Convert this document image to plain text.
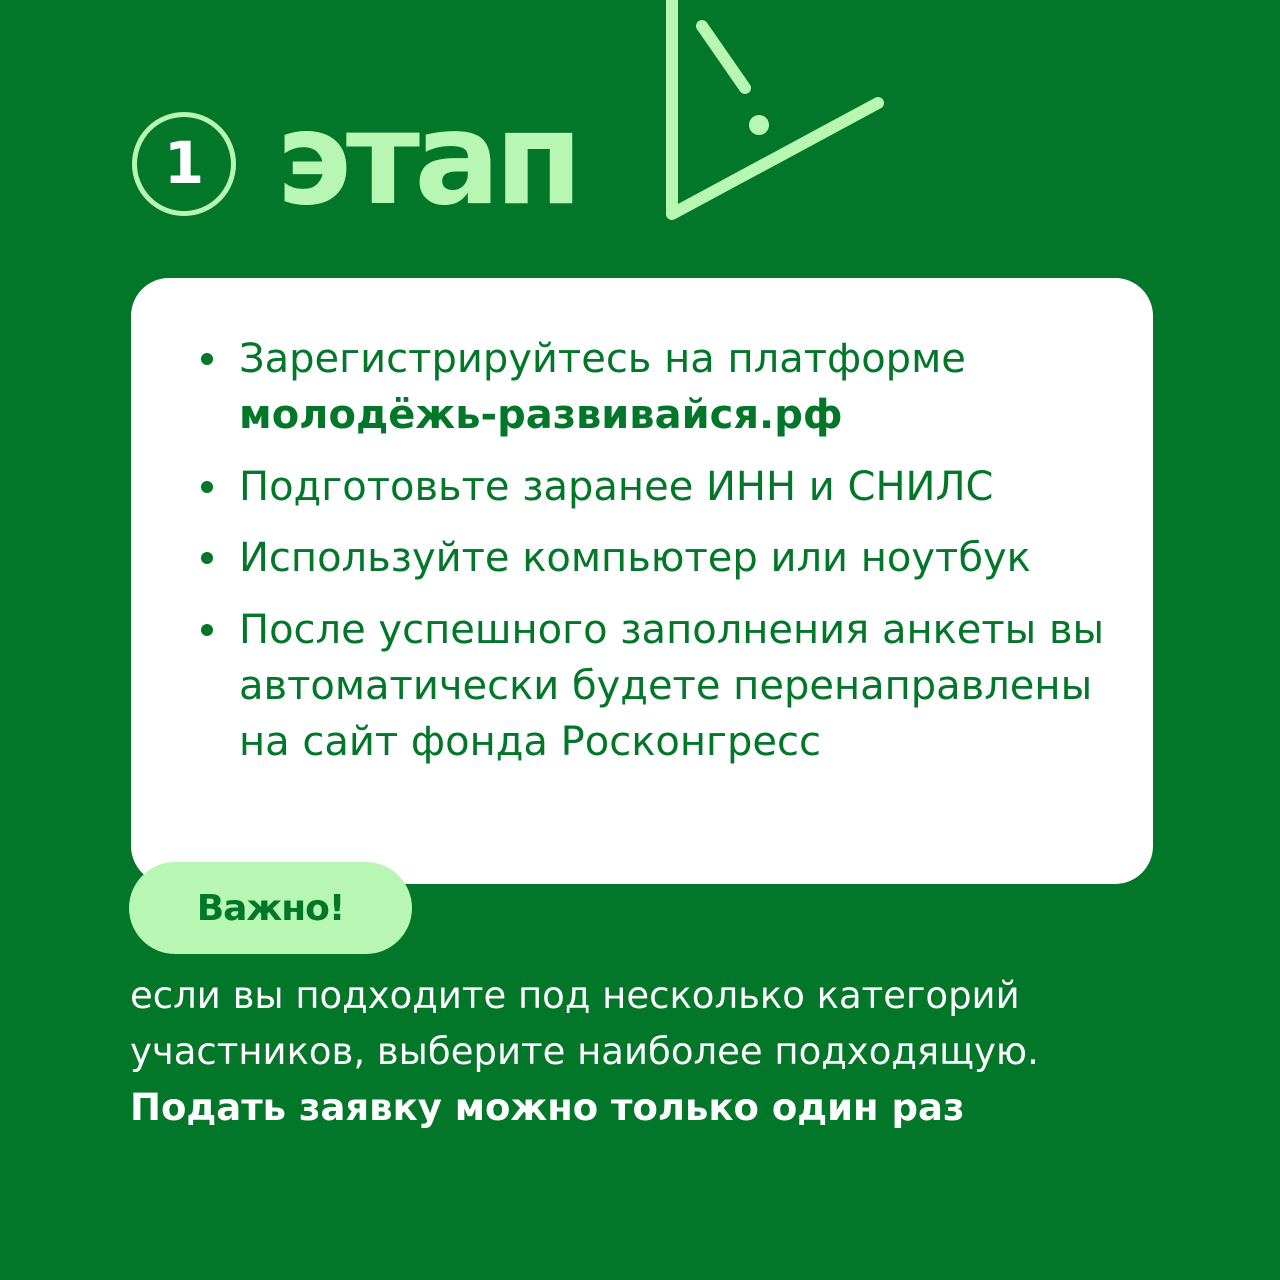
1 этап
Зарегистрируйтесь на платформе
молодёжь-развивайся.рф
Подготовьте заранее ИНН и СНИЛС
Используйте компьютер или ноутбук
После успешного заполнения анкеты вы автоматически будете перенаправлены на сайт фонда Росконгресс
Важно!
если вы подходите под несколько категорий
участников, выберите наиболее подходящую.
Подать заявку можно только один раз
